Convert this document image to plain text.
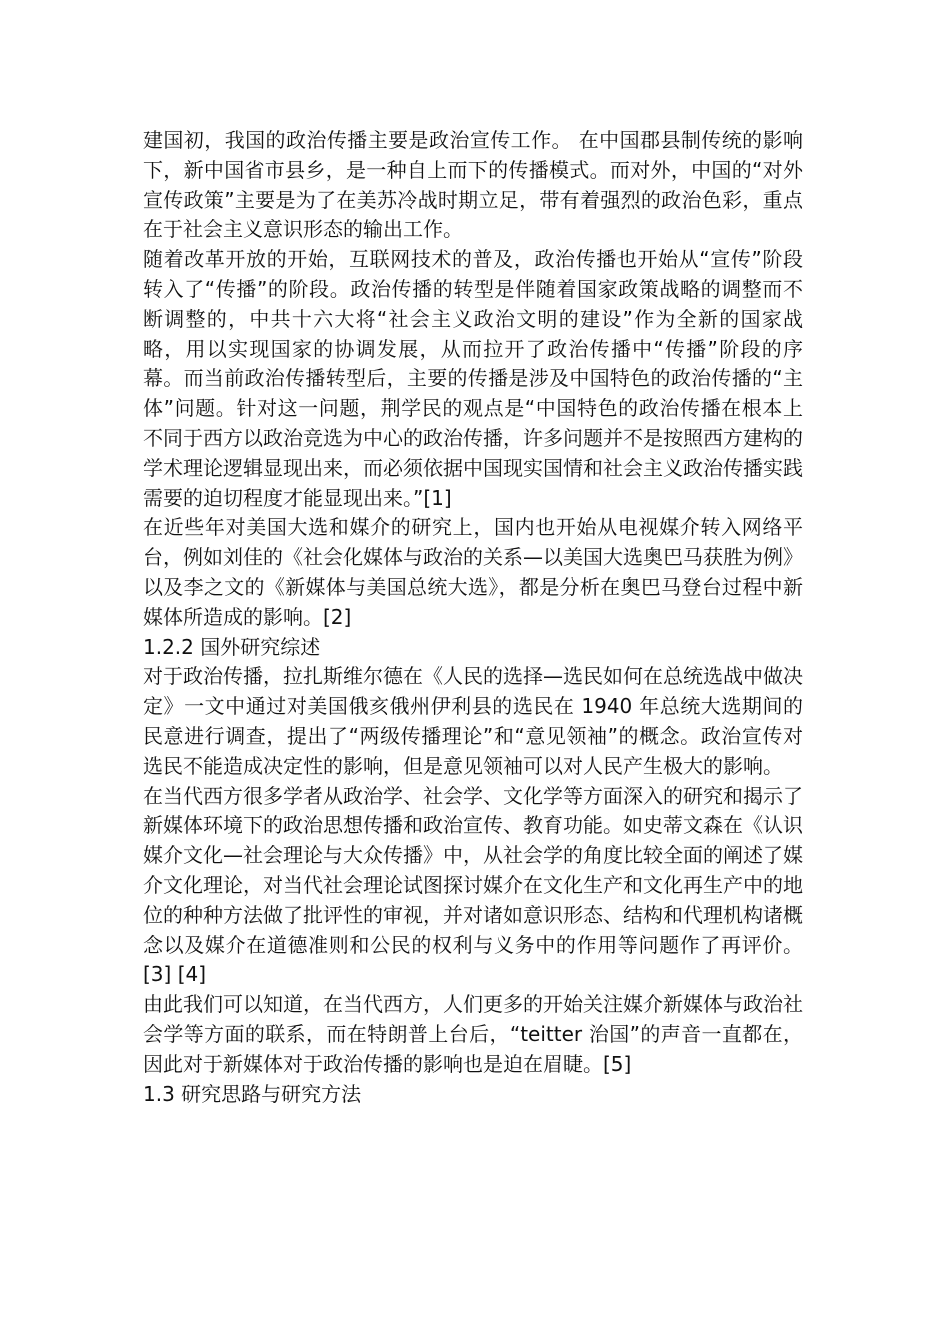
建国初，我国的政治传播主要是政治宣传工作。 在中国郡县制传统的影响下，新中国省市县乡，是一种自上而下的传播模式。而对外，中国的“对外宣传政策”主要是为了在美苏冷战时期立足，带有着强烈的政治色彩，重点在于社会主义意识形态的输出工作。

随着改革开放的开始，互联网技术的普及，政治传播也开始从“宣传”阶段转入了“传播”的阶段。政治传播的转型是伴随着国家政策战略的调整而不断调整的，中共十六大将“社会主义政治文明的建设”作为全新的国家战略，用以实现国家的协调发展，从而拉开了政治传播中“传播”阶段的序幕。而当前政治传播转型后，主要的传播是涉及中国特色的政治传播的“主体”问题。针对这一问题，荆学民的观点是“中国特色的政治传播在根本上不同于西方以政治竞选为中心的政治传播，许多问题并不是按照西方建构的学术理论逻辑显现出来，而必须依据中国现实国情和社会主义政治传播实践需要的迫切程度才能显现出来。”[1]

在近些年对美国大选和媒介的研究上，国内也开始从电视媒介转入网络平台，例如刘佳的《社会化媒体与政治的关系—以美国大选奥巴马获胜为例》以及李之文的《新媒体与美国总统大选》，都是分析在奥巴马登台过程中新媒体所造成的影响。[2]

1.2.2 国外研究综述

对于政治传播，拉扎斯维尔德在《人民的选择—选民如何在总统选战中做决定》一文中通过对美国俄亥俄州伊利县的选民在 1940 年总统大选期间的民意进行调查，提出了“两级传播理论”和“意见领袖”的概念。政治宣传对选民不能造成决定性的影响，但是意见领袖可以对人民产生极大的影响。

在当代西方很多学者从政治学、社会学、文化学等方面深入的研究和揭示了新媒体环境下的政治思想传播和政治宣传、教育功能。如史蒂文森在《认识媒介文化—社会理论与大众传播》中，从社会学的角度比较全面的阐述了媒介文化理论，对当代社会理论试图探讨媒介在文化生产和文化再生产中的地位的种种方法做了批评性的审视，并对诸如意识形态、结构和代理机构诸概念以及媒介在道德准则和公民的权利与义务中的作用等问题作了再评价。[3] [4]

由此我们可以知道，在当代西方，人们更多的开始关注媒介新媒体与政治社会学等方面的联系，而在特朗普上台后，“teitter 治国”的声音一直都在，因此对于新媒体对于政治传播的影响也是迫在眉睫。[5]

1.3 研究思路与研究方法
